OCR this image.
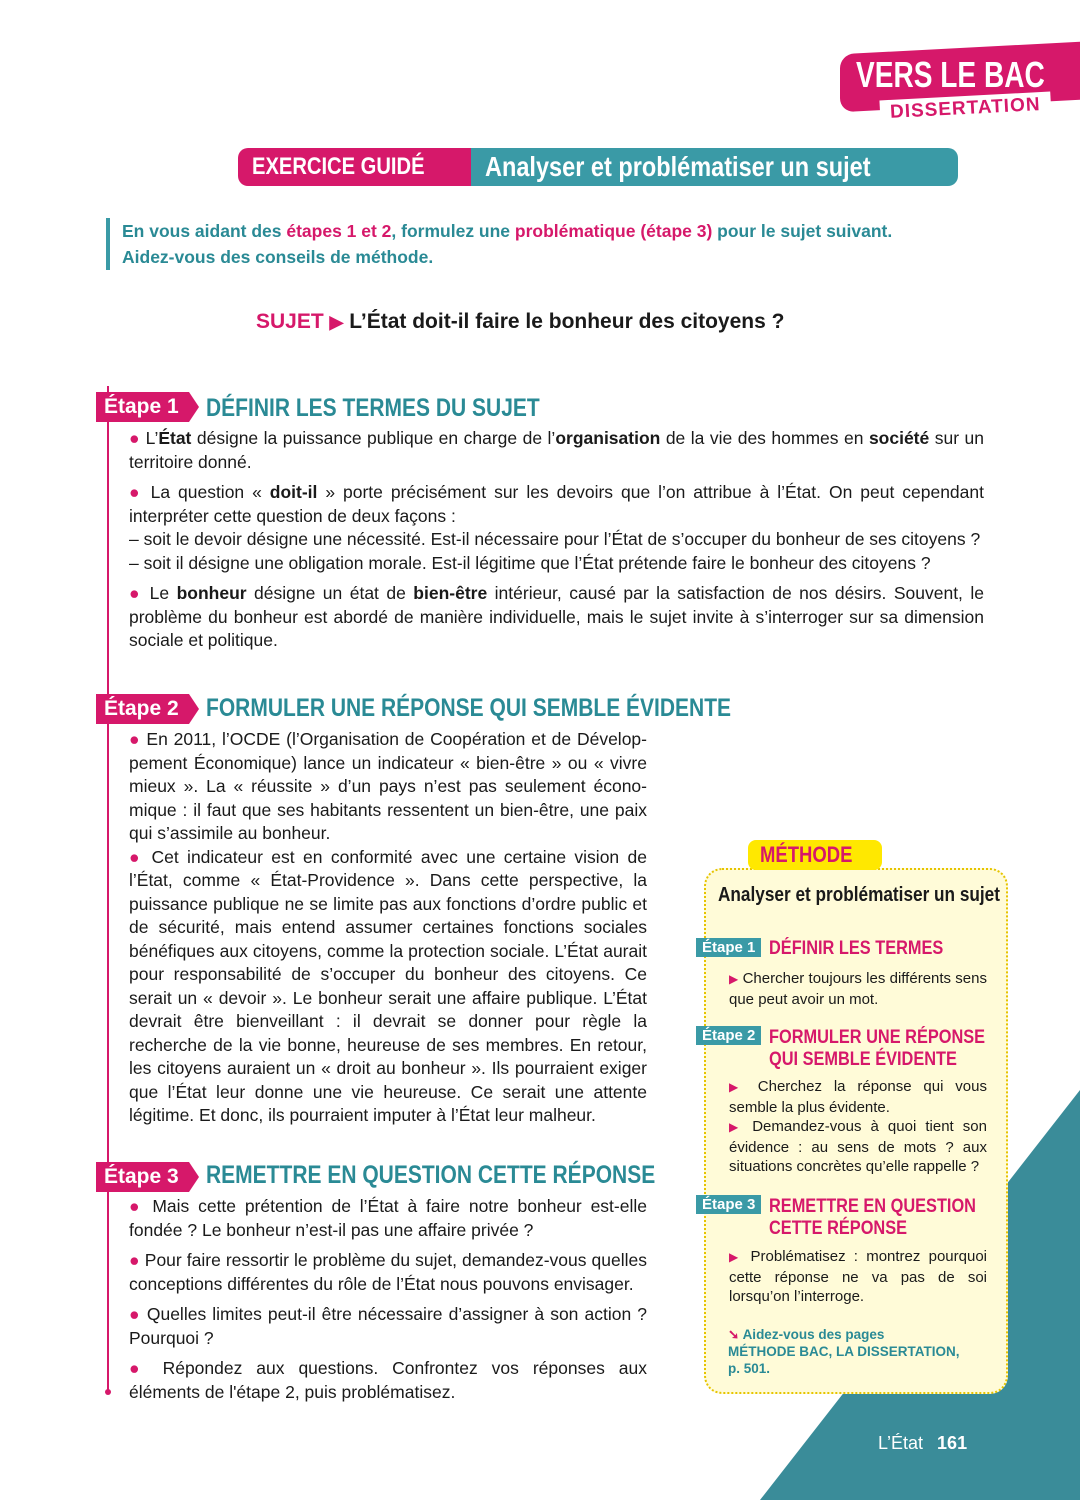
VERS LE BAC
DISSERTATION
EXERCICE GUIDÉ Analyser et problématiser un sujet
En vous aidant des étapes 1 et 2, formulez une problématique (étape 3) pour le sujet suivant. Aidez-vous des conseils de méthode.
SUJET ▶ L’État doit-il faire le bonheur des citoyens ?
Étape 1	DÉFINIR LES TERMES DU SUJET

● L’État désigne la puissance publique en charge de l’organisation de la vie des hommes en société sur un territoire donné.

● La question « doit-il » porte précisément sur les devoirs que l’on attribue à l’État. On peut cependant interpréter cette question de deux façons :

– soit le devoir désigne une nécessité. Est-il nécessaire pour l’État de s’occuper du bonheur de ses citoyens ?

– soit il désigne une obligation morale. Est-il légitime que l’État prétende faire le bonheur des citoyens ?

● Le bonheur désigne un état de bien-être intérieur, causé par la satisfaction de nos désirs. Souvent, le problème du bonheur est abordé de manière individuelle, mais le sujet invite à s’interroger sur sa dimension sociale et politique.

Étape 2	FORMULER UNE RÉPONSE QUI SEMBLE ÉVIDENTE

● En 2011, l’OCDE (l’Organisation de Coopération et de Développement Économique) lance un indicateur « bien-être » ou « vivre mieux ». La « réussite » d’un pays n’est pas seulement économique : il faut que ses habitants ressentent un bien-être, une paix qui s’assimile au bonheur.

● Cet indicateur est en conformité avec une certaine vision de l’État, comme « État-Providence ». Dans cette perspective, la puissance publique ne se limite pas aux fonctions d’ordre public et de sécurité, mais entend assumer certaines fonctions sociales bénéfiques aux citoyens, comme la protection sociale. L’État aurait pour responsabilité de s’occuper du bonheur des citoyens. Ce serait un « devoir ». Le bonheur serait une affaire publique. L’État devrait être bienveillant : il devrait se donner pour règle la recherche de la vie bonne, heureuse de ses membres. En retour, les citoyens auraient un « droit au bonheur ». Ils pourraient exiger que l’État leur donne une vie heureuse. Ce serait une attente légitime. Et donc, ils pourraient imputer à l’État leur malheur.

Étape 3	REMETTRE EN QUESTION CETTE RÉPONSE

● Mais cette prétention de l’État à faire notre bonheur est-elle fondée ? Le bonheur n’est-il pas une affaire privée ?

● Pour faire ressortir le problème du sujet, demandez-vous quelles conceptions différentes du rôle de l’État nous pouvons envisager.

● Quelles limites peut-il être nécessaire d’assigner à son action ? Pourquoi ?

● Répondez aux questions. Confrontez vos réponses aux éléments de l'étape 2, puis problématisez.

MÉTHODE
Analyser et problématiser un sujet
Étape 1 DÉFINIR LES TERMES
▶ Chercher toujours les différents sens que peut avoir un mot.
Étape 2 FORMULER UNE RÉPONSE
QUI SEMBLE ÉVIDENTE
▶ Cherchez la réponse qui vous semble la plus évidente.
▶ Demandez-vous à quoi tient son évidence : au sens de mots ? aux situations concrètes qu’elle rappelle ?
Étape 3 REMETTRE EN QUESTION
CETTE RÉPONSE
▶ Problématisez : montrez pourquoi cette réponse ne va pas de soi lorsqu’on l’interroge.
➘ Aidez-vous des pages
MÉTHODE BAC, LA DISSERTATION,
p. 501.
L’État 161
